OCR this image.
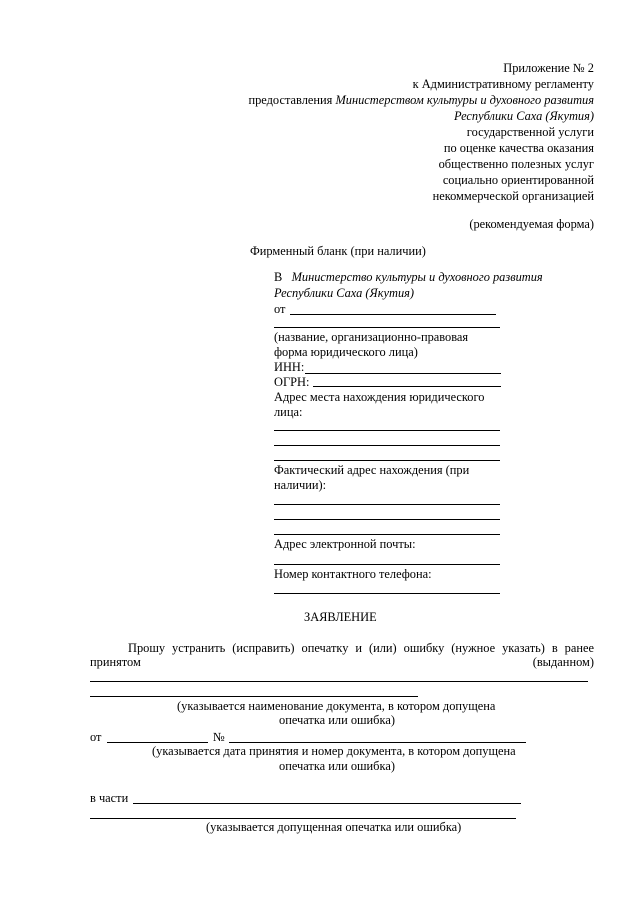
Приложение № 2
к Административному регламенту
предоставления Министерством культуры и духовного развития
Республики Саха (Якутия)
государственной услуги
по оценке качества оказания
общественно полезных услуг
социально ориентированной
некоммерческой организацией
(рекомендуемая форма)
Фирменный бланк (при наличии)
В Министерство культуры и духовного развития
Республики Саха (Якутия)
от
(название, организационно-правовая
форма юридического лица)
ИНН:
ОГРН:
Адрес места нахождения юридического
лица:
Фактический адрес нахождения (при
наличии):
Адрес электронной почты:
Номер контактного телефона:
ЗАЯВЛЕНИЕ
Прошу устранить (исправить) опечатку и (или) ошибку (нужное указать) в ранее
принятом	(выданном)
(указывается наименование документа, в котором допущена
опечатка или ошибка)
от	№
(указывается дата принятия и номер документа, в котором допущена
опечатка или ошибка)
в части
(указывается допущенная опечатка или ошибка)
